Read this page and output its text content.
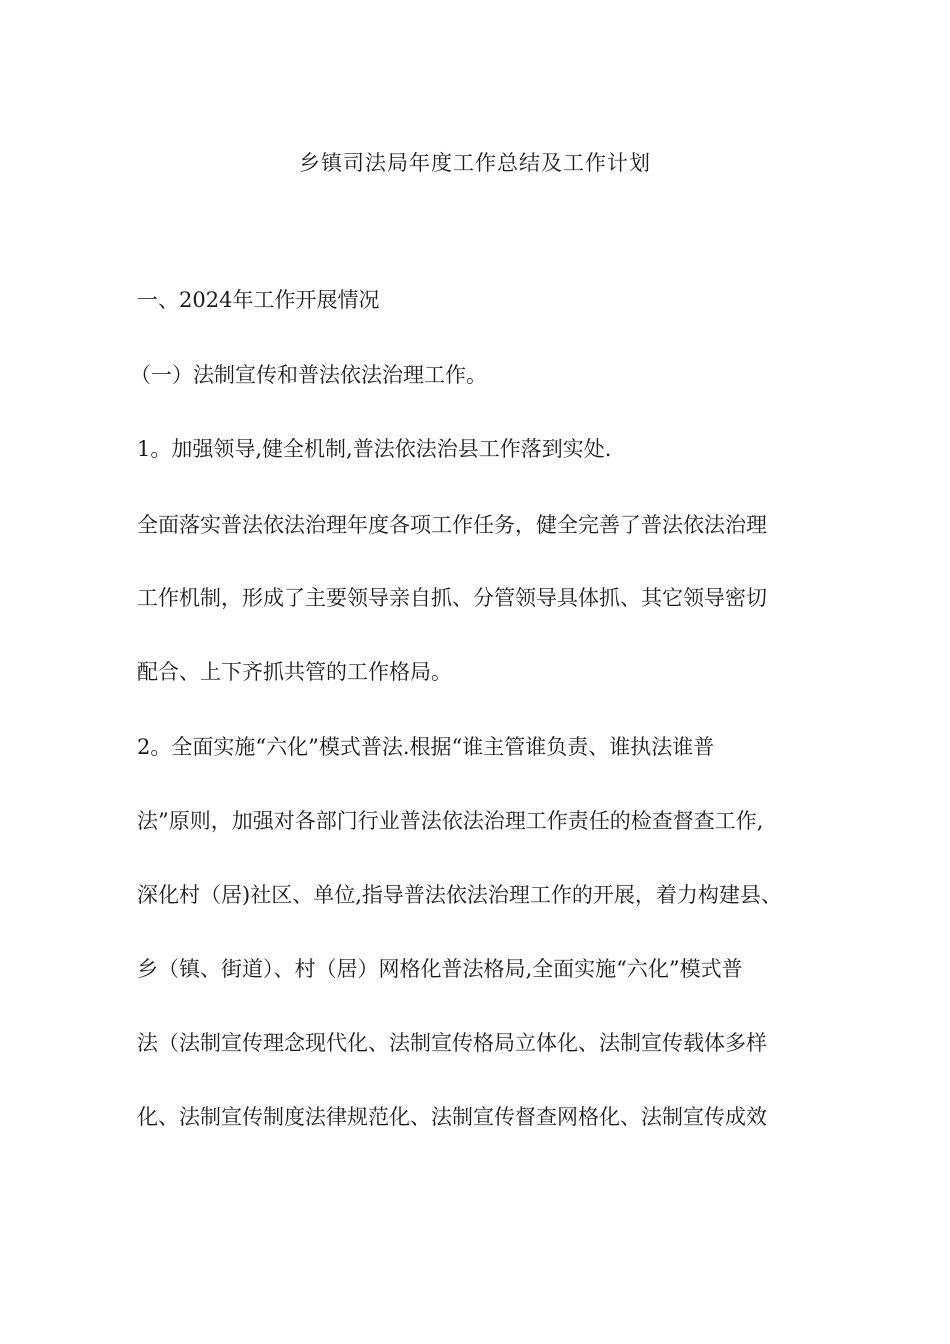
乡镇司法局年度工作总结及工作计划

一、2024年工作开展情况

（一）法制宣传和普法依法治理工作。

1。加强领导,健全机制,普法依法治县工作落到实处.

全面落实普法依法治理年度各项工作任务，健全完善了普法依法治理

工作机制，形成了主要领导亲自抓、分管领导具体抓、其它领导密切

配合、上下齐抓共管的工作格局。

2。全面实施“六化”模式普法.根据“谁主管谁负责、谁执法谁普

法”原则，加强对各部门行业普法依法治理工作责任的检查督查工作,

深化村（居)社区、单位,指导普法依法治理工作的开展，着力构建县、

乡（镇、街道）、村（居）网格化普法格局,全面实施“六化”模式普

法（法制宣传理念现代化、法制宣传格局立体化、法制宣传载体多样

化、法制宣传制度法律规范化、法制宣传督查网格化、法制宣传成效
